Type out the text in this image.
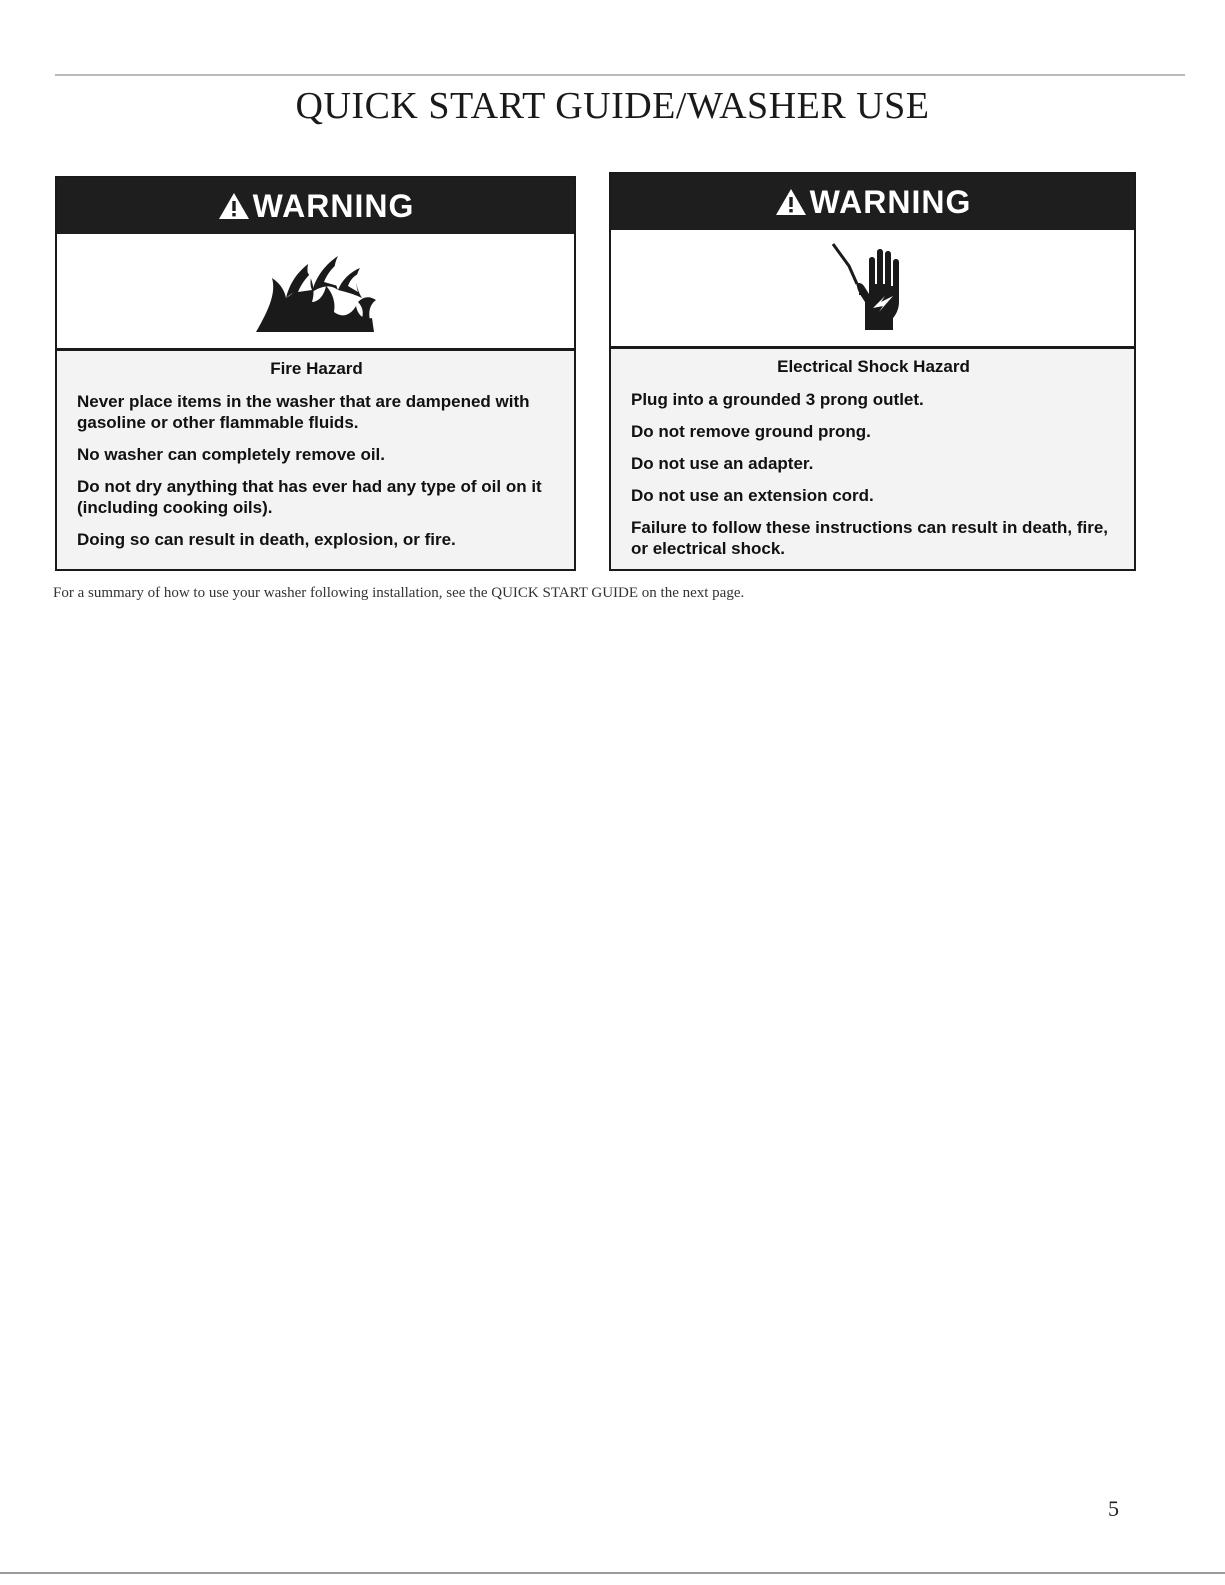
QUICK START GUIDE/WASHER USE
WARNING

Fire Hazard

Never place items in the washer that are dampened with gasoline or other flammable fluids.

No washer can completely remove oil.

Do not dry anything that has ever had any type of oil on it (including cooking oils).

Doing so can result in death, explosion, or fire.

WARNING

Electrical Shock Hazard

Plug into a grounded 3 prong outlet.

Do not remove ground prong.

Do not use an adapter.

Do not use an extension cord.

Failure to follow these instructions can result in death, fire, or electrical shock.

For a summary of how to use your washer following installation, see the QUICK START GUIDE on the next page.

5
